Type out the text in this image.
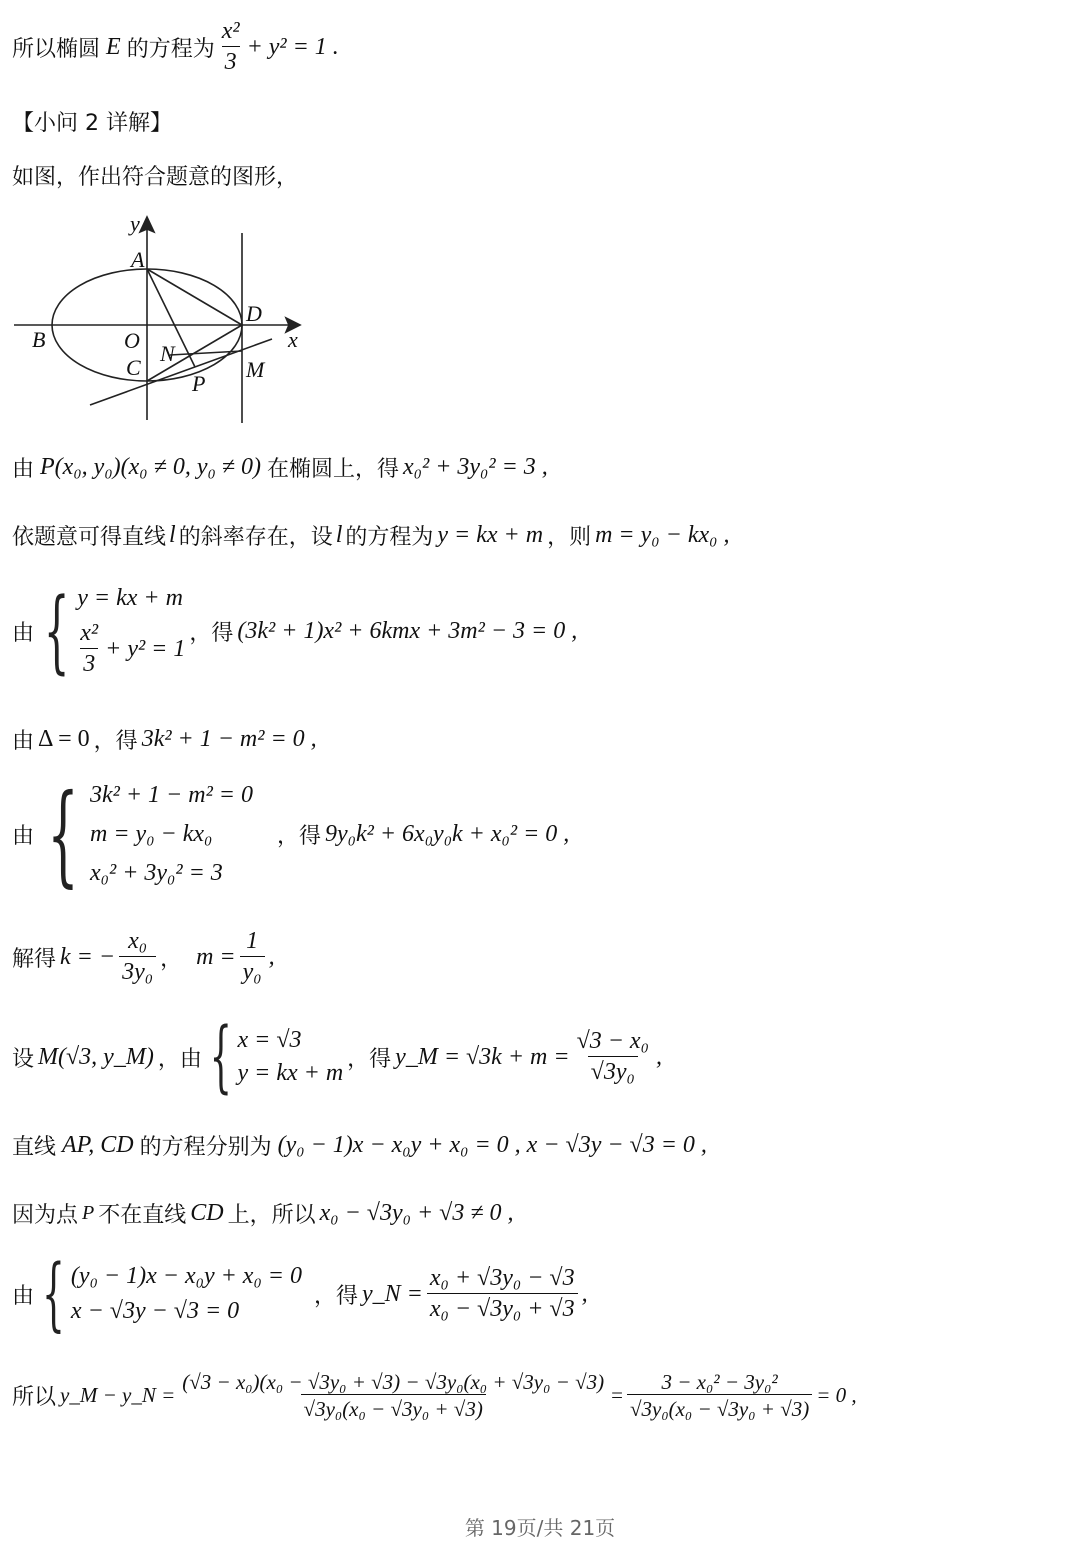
所以椭圆 E 的方程为 $\frac{\text{x²}}{3} + y^2 = 1$ .
【小问 2 详解】
如图，作出符合题意的图形，
y
A
B	O
C
D
x
N
M
P
由 P(x₀, y₀)(x₀ ≠ 0, y₀ ≠ 0) 在椭圆上，得 x₀² + 3y₀² = 3 ,
依题意可得直线 l 的斜率存在，设 l 的方程为 y = kx + m ，则 m = y₀ − kx₀ ,
由 { y = kx + m
$\frac{\text{x²}}{3} + y^2 = 1$
，得 (3k² + 1)x² + 6kmx + 3m² − 3 = 0 ,
由 Δ = 0 ，得 3k² + 1 − m² = 0 ,
由 { 3k² + 1 − m² = 0
m = y₀ − kx₀
x₀² + 3y₀² = 3
，得 9y₀k² + 6x₀y₀k + x₀² = 0 ,
解得 k = − $\frac{\text{x₀}}{\text{3y₀}}$ ， $m = \frac{1}{\text{y₀}}$ ,
设 M(√3, y_M) ，由 { x = √3
y = kx + m
，得 y_M = $√3k + m = \frac{\text{√3 − x₀}}{\text{√3y₀}}$ ,
直线 AP, CD 的方程分别为 (y₀ − 1)x − x₀y + x₀ = 0 , x − √3y − √3 = 0 ,
因为点 P 不在直线 CD 上，所以 x₀ − √3y₀ + √3 ≠ 0 ,
由 { (y₀ − 1)x − x₀y + x₀ = 0
x − √3y − √3 = 0
，得 y_N = $\frac{\text{x₀ + √3y₀ − √3}}{\text{x₀ − √3y₀ + √3}}$ ,
所以 y_M − y_N = $\frac{\text{(√3 − x₀)(x₀ − √3y₀ + √3) − √3y₀(x₀ + √3y₀ − √3)}}{\text{√3y₀(x₀ − √3y₀ + √3)}} = \frac{\text{3 − x₀² − 3y₀²}}{\text{√3y₀(x₀ − √3y₀ + √3)}} = 0$ ,
第 19页/共 21页
